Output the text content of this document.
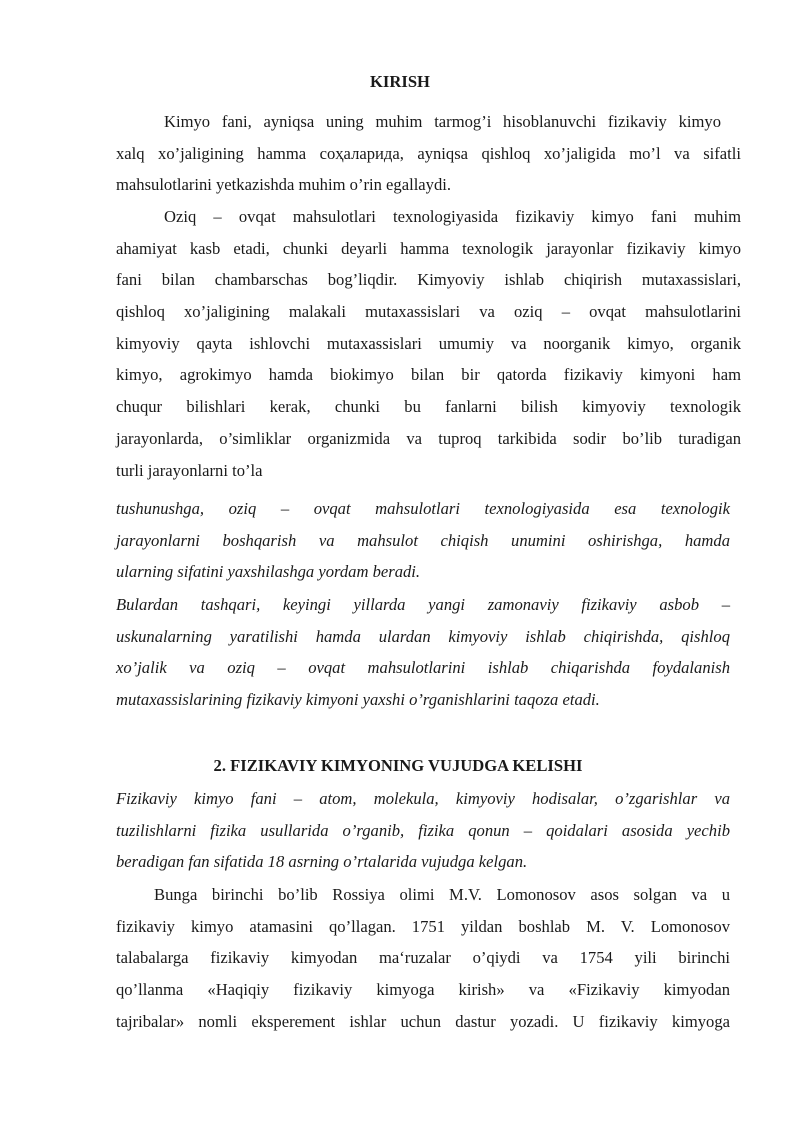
KIRISH
Kimyo fani, ayniqsa uning muhim tarmog’i hisoblanuvchi fizikaviy kimyo
xalq xo’jaligining hamma соҳаларида, ayniqsa qishloq xo’jaligida mo’l va sifatli
mahsulotlarini yetkazishda muhim o’rin egallaydi.
Oziq – ovqat mahsulotlari texnologiyasida fizikaviy kimyo fani muhim
ahamiyat kasb etadi, chunki deyarli hamma texnologik jarayonlar fizikaviy kimyo
fani bilan chambarschas bog’liqdir. Kimyoviy ishlab chiqirish mutaxassislari,
qishloq xo’jaligining malakali mutaxassislari va oziq – ovqat mahsulotlarini
kimyoviy qayta ishlovchi mutaxassislari umumiy va noorganik kimyo, organik
kimyo, agrokimyo hamda biokimyo bilan bir qatorda fizikaviy kimyoni ham
chuqur bilishlari kerak, chunki bu fanlarni bilish kimyoviy texnologik
jarayonlarda, o’simliklar organizmida va tuproq tarkibida sodir bo’lib turadigan
turli jarayonlarni to’la
tushunushga, oziq – ovqat mahsulotlari texnologiyasida esa texnologik
jarayonlarni boshqarish va mahsulot chiqish unumini oshirishga, hamda
ularning sifatini yaxshilashga yordam beradi.
Bulardan tashqari, keyingi yillarda yangi zamonaviy fizikaviy asbob –
uskunalarning yaratilishi hamda ulardan kimyoviy ishlab chiqirishda, qishloq
xo’jalik va oziq – ovqat mahsulotlarini ishlab chiqarishda foydalanish
mutaxassislarining fizikaviy kimyoni yaxshi o’rganishlarini taqoza etadi.
2. FIZIKAVIY KIMYONING VUJUDGA KELISHI
Fizikaviy kimyo fani – atom, molekula, kimyoviy hodisalar, o’zgarishlar va
tuzilishlarni fizika usullarida o’rganib, fizika qonun – qoidalari asosida yechib
beradigan fan sifatida 18 asrning o’rtalarida vujudga kelgan.
Bunga birinchi bo’lib Rossiya olimi M.V. Lomonosov asos solgan va u
fizikaviy kimyo atamasini qo’llagan. 1751 yildan boshlab M. V. Lomonosov
talabalarga fizikaviy kimyodan ma‘ruzalar o’qiydi va 1754 yili birinchi
qo’llanma «Haqiqiy fizikaviy kimyoga kirish» va «Fizikaviy kimyodan
tajribalar» nomli eksperement ishlar uchun dastur yozadi. U fizikaviy kimyoga
